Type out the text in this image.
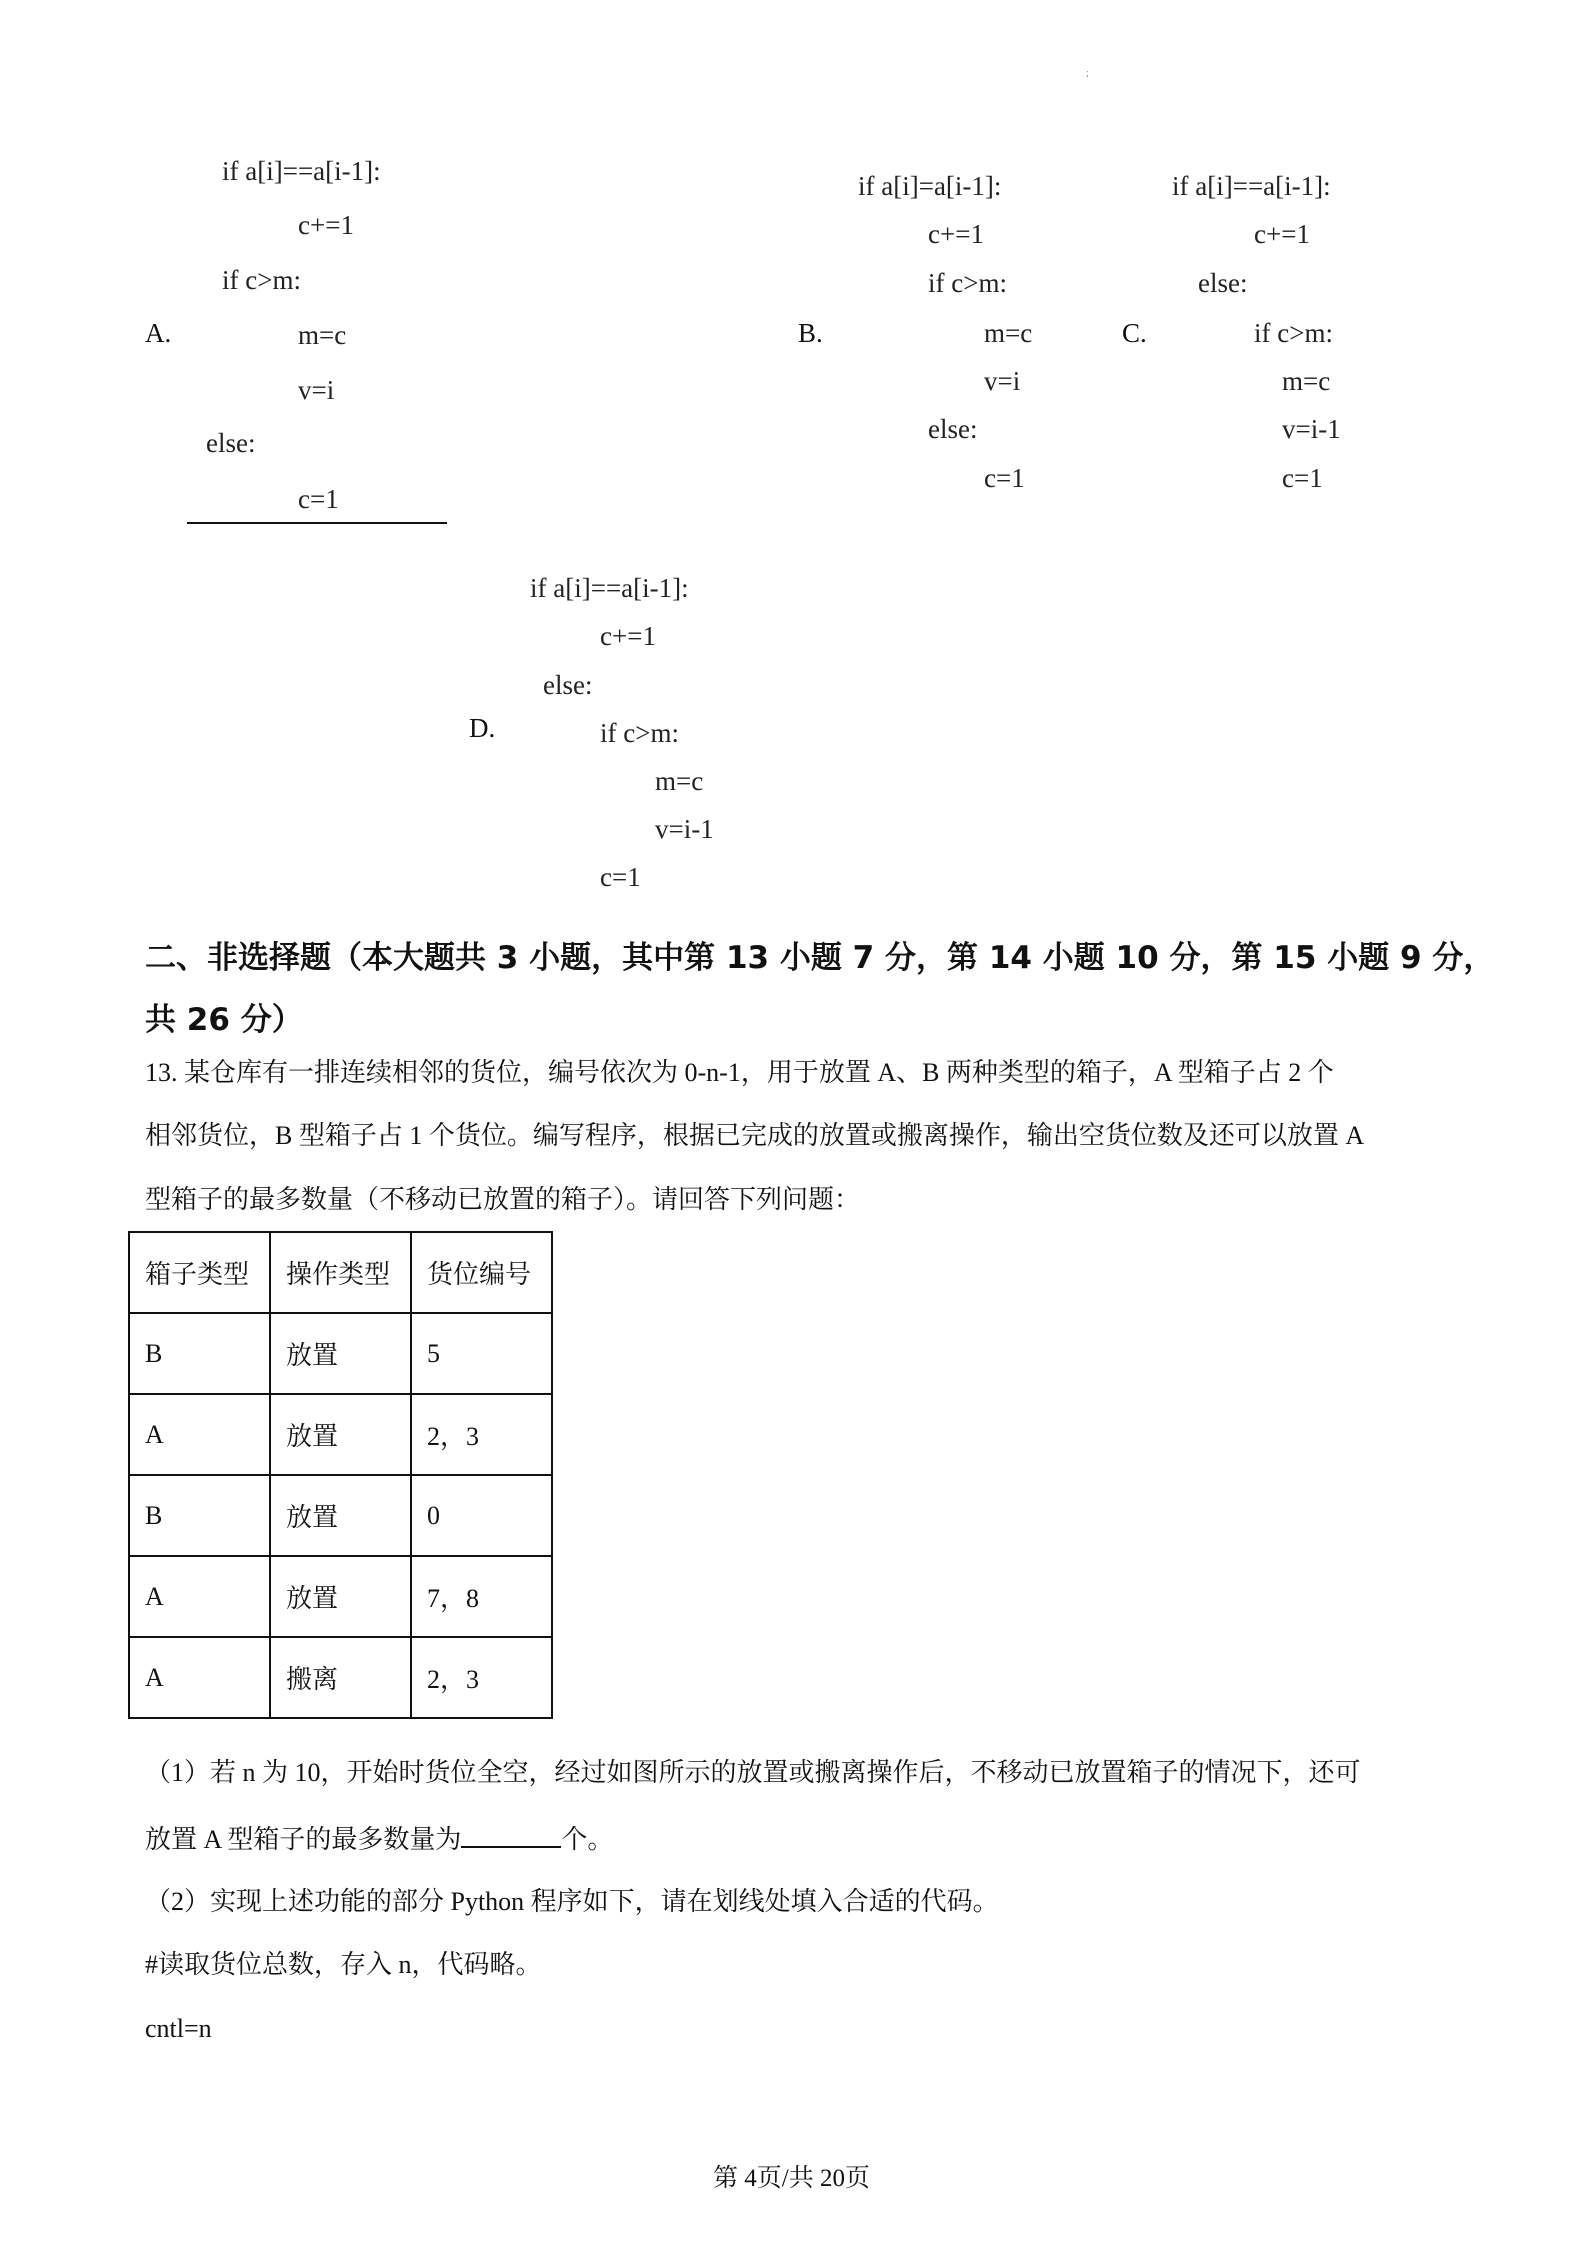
;
A.
if a[i]==a[i-1]:
c+=1
if c>m:
m=c
v=i
else:
c=1
B.
if a[i]=a[i-1]:
c+=1
if c>m:
m=c
v=i
else:
c=1
C.
if a[i]==a[i-1]:
c+=1
else:
if c>m:
m=c
v=i-1
c=1
D.
if a[i]==a[i-1]:
c+=1
else:
if c>m:
m=c
v=i-1
c=1
二、非选择题（本大题共 3 小题，其中第 13 小题 7 分，第 14 小题 10 分，第 15 小题 9 分，
共 26 分）
13. 某仓库有一排连续相邻的货位，编号依次为 0-n-1，用于放置 A、B 两种类型的箱子，A 型箱子占 2 个
相邻货位，B 型箱子占 1 个货位。编写程序，根据已完成的放置或搬离操作，输出空货位数及还可以放置 A
型箱子的最多数量（不移动已放置的箱子）。请回答下列问题：
箱子类型	操作类型	货位编号
B	放置	5
A	放置	2，3
B	放置	0
A	放置	7，8
A	搬离	2，3
（1）若 n 为 10，开始时货位全空，经过如图所示的放置或搬离操作后，不移动已放置箱子的情况下，还可
放置 A 型箱子的最多数量为	个。
（2）实现上述功能的部分 Python 程序如下，请在划线处填入合适的代码。
#读取货位总数，存入 n，代码略。
cntl=n
第 4页/共 20页
